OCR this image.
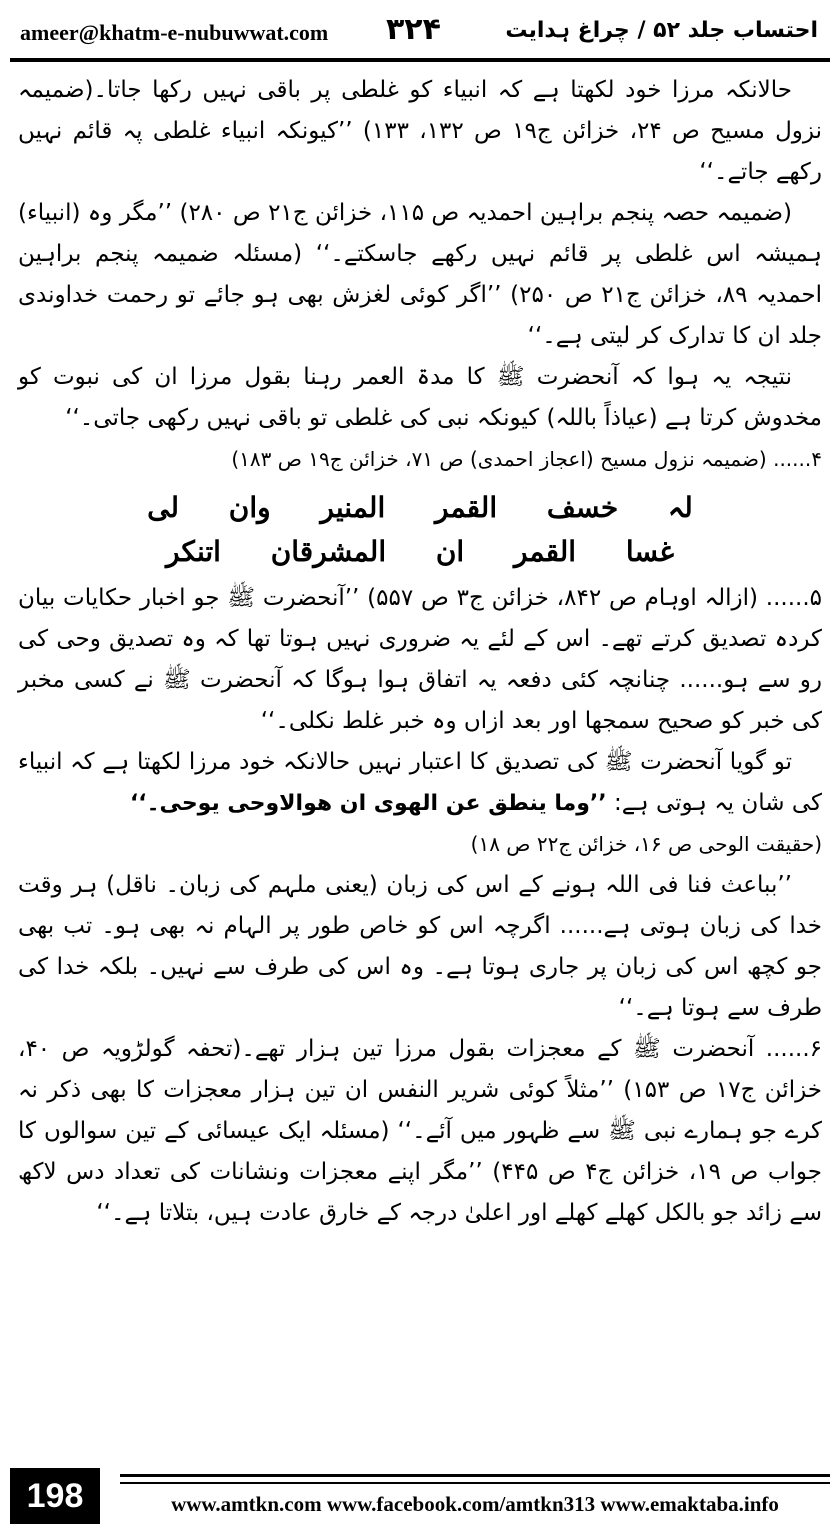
ameer@khatm-e-nubuwwat.com ۳۲۴	احتساب جلد ۵۲ / چراغ ہدایت

حالانکہ مرزا خود لکھتا ہے کہ انبیاء کو غلطی پر باقی نہیں رکھا جاتا۔(ضمیمہ نزول مسیح ص ۲۴، خزائن ج۱۹ ص ۱۳۲، ۱۳۳) ’’کیونکہ انبیاء غلطی پہ قائم نہیں رکھے جاتے۔‘‘

(ضمیمہ حصہ پنجم براہین احمدیہ ص ۱۱۵، خزائن ج۲۱ ص ۲۸۰) ’’مگر وہ (انبیاء) ہمیشہ اس غلطی پر قائم نہیں رکھے جاسکتے۔‘‘ (مسئلہ ضمیمہ پنجم براہین احمدیہ ۸۹، خزائن ج۲۱ ص ۲۵۰) ’’اگر کوئی لغزش بھی ہو جائے تو رحمت خداوندی جلد ان کا تدارک کر لیتی ہے۔‘‘

نتیجہ یہ ہوا کہ آنحضرت ﷺ کا مدۃ العمر رہنا بقول مرزا ان کی نبوت کو مخدوش کرتا ہے (عیاذاً باللہ) کیونکہ نبی کی غلطی تو باقی نہیں رکھی جاتی۔‘‘

۴...... (ضمیمہ نزول مسیح (اعجاز احمدی) ص ۷۱، خزائن ج۱۹ ص ۱۸۳)

لہ خسف القمر المنیر وان لی
غسا القمر ان المشرقان اتنکر

۵...... (ازالہ اوہام ص ۸۴۲، خزائن ج۳ ص ۵۵۷) ’’آنحضرت ﷺ جو اخبار حکایات بیان کردہ تصدیق کرتے تھے۔ اس کے لئے یہ ضروری نہیں ہوتا تھا کہ وہ تصدیق وحی کی رو سے ہو...... چنانچہ کئی دفعہ یہ اتفاق ہوا ہوگا کہ آنحضرت ﷺ نے کسی مخبر کی خبر کو صحیح سمجھا اور بعد ازاں وہ خبر غلط نکلی۔‘‘

تو گویا آنحضرت ﷺ کی تصدیق کا اعتبار نہیں حالانکہ خود مرزا لکھتا ہے کہ انبیاء کی شان یہ ہوتی ہے: ’’وما ینطق عن الهوی ان هوالاوحی یوحی۔‘‘

(حقیقت الوحی ص ۱۶، خزائن ج۲۲ ص ۱۸)

’’بباعث فنا فی اللہ ہونے کے اس کی زبان (یعنی ملہم کی زبان۔ ناقل) ہر وقت خدا کی زبان ہوتی ہے...... اگرچہ اس کو خاص طور پر الہام نہ بھی ہو۔ تب بھی جو کچھ اس کی زبان پر جاری ہوتا ہے۔ وہ اس کی طرف سے نہیں۔ بلکہ خدا کی طرف سے ہوتا ہے۔‘‘

۶...... آنحضرت ﷺ کے معجزات بقول مرزا تین ہزار تھے۔(تحفہ گولڑویہ ص ۴۰، خزائن ج۱۷ ص ۱۵۳) ’’مثلاً کوئی شریر النفس ان تین ہزار معجزات کا بھی ذکر نہ کرے جو ہمارے نبی ﷺ سے ظہور میں آئے۔‘‘ (مسئلہ ایک عیسائی کے تین سوالوں کا جواب ص ۱۹، خزائن ج۴ ص ۴۴۵) ’’مگر اپنے معجزات ونشانات کی تعداد دس لاکھ سے زائد جو بالکل کھلے کھلے اور اعلیٰ درجہ کے خارق عادت ہیں، بتلاتا ہے۔‘‘

198	www.amtkn.com www.facebook.com/amtkn313 www.emaktaba.info
